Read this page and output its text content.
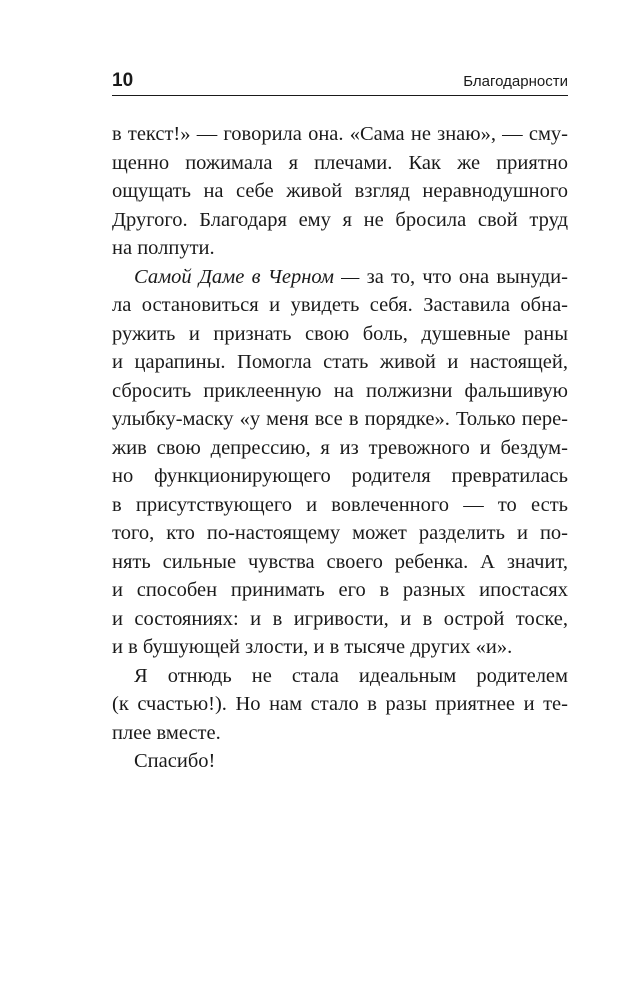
10	Благодарности
в текст!» — говорила она. «Сама не знаю», — сму-
щенно пожимала я плечами. Как же приятно
ощущать на себе живой взгляд неравнодушного
Другого. Благодаря ему я не бросила свой труд
на полпути.
Самой Даме в Черном — за то, что она вынуди-
ла остановиться и увидеть себя. Заставила обна-
ружить и признать свою боль, душевные раны
и царапины. Помогла стать живой и настоящей,
сбросить приклеенную на полжизни фальшивую
улыбку-маску «у меня все в порядке». Только пере-
жив свою депрессию, я из тревожного и бездум-
но функционирующего родителя превратилась
в присутствующего и вовлеченного — то есть
того, кто по-настоящему может разделить и по-
нять сильные чувства своего ребенка. А значит,
и способен принимать его в разных ипостасях
и состояниях: и в игривости, и в острой тоске,
и в бушующей злости, и в тысяче других «и».
Я отнюдь не стала идеальным родителем
(к счастью!). Но нам стало в разы приятнее и те-
плее вместе.
Спасибо!
